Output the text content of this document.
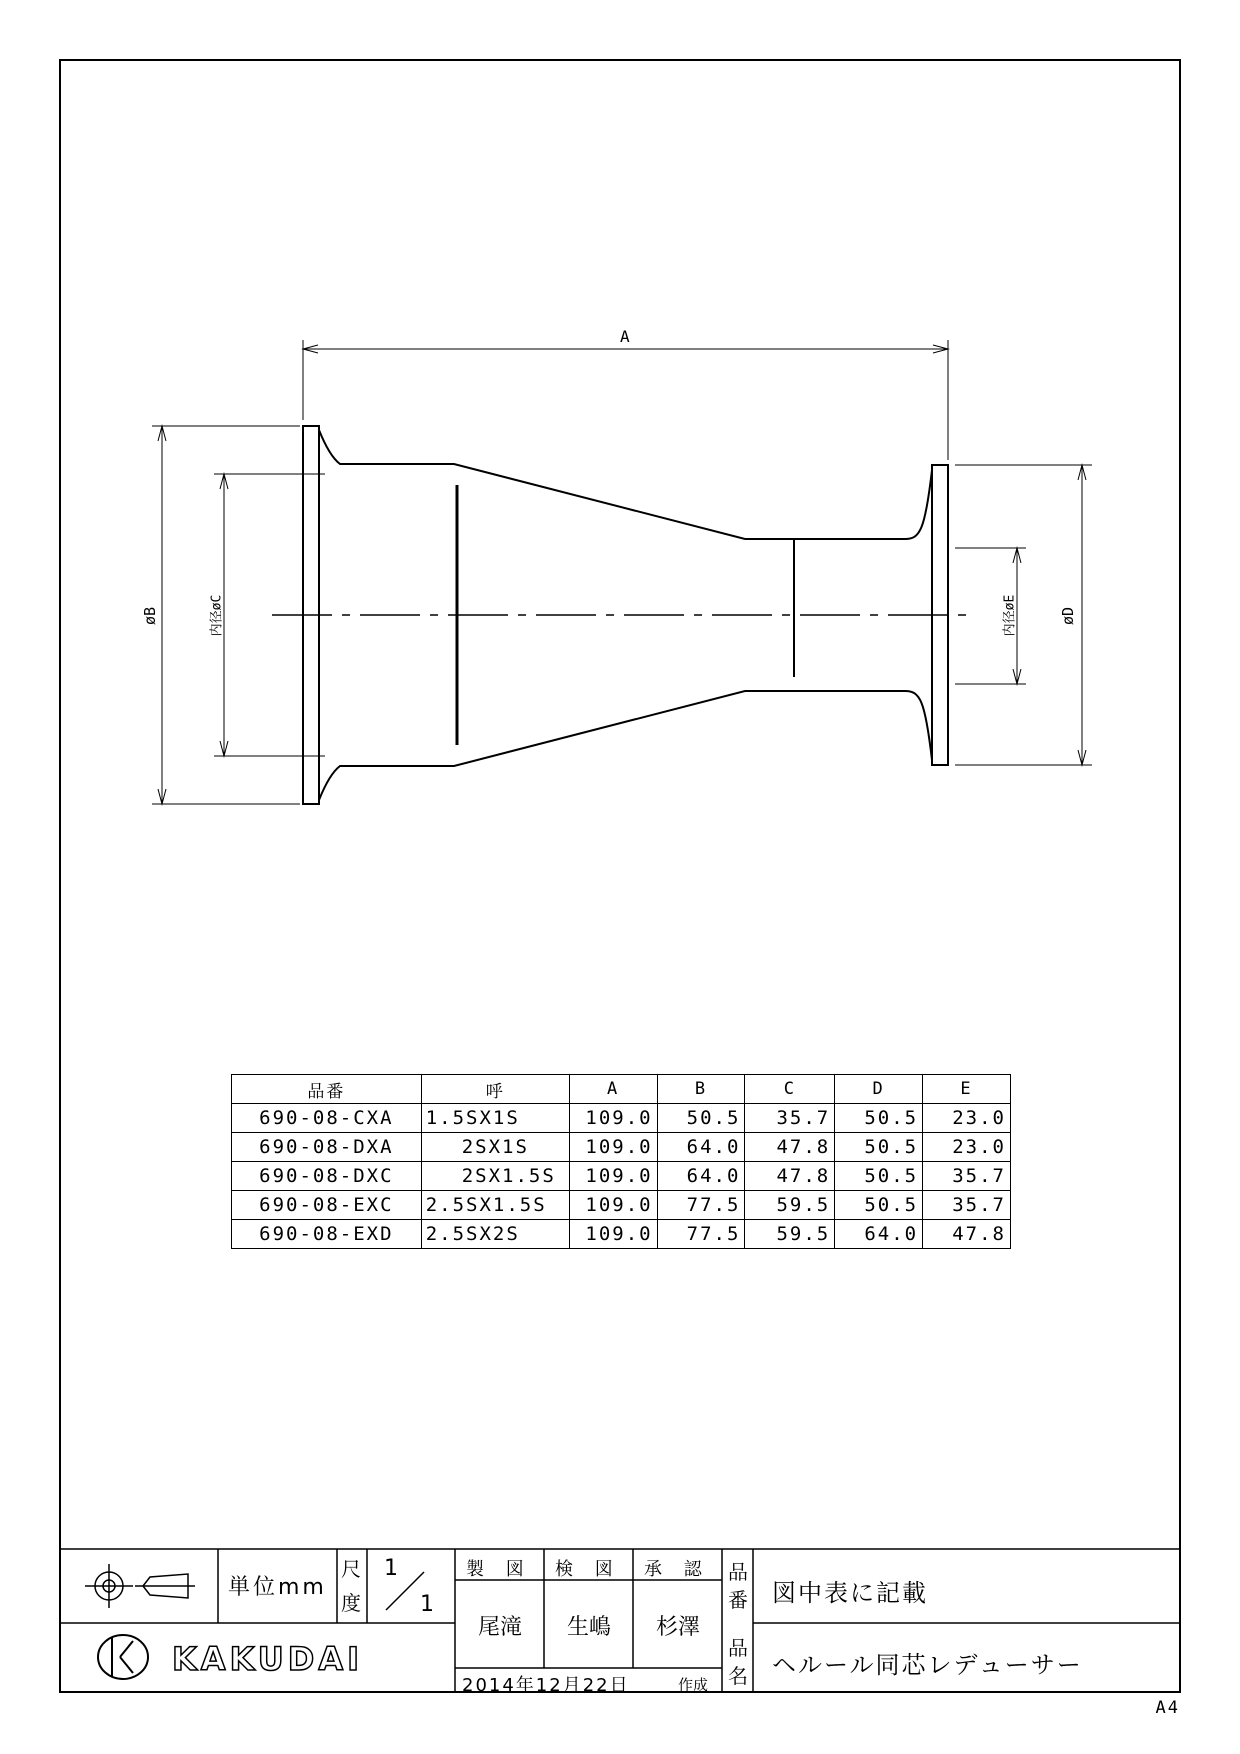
A
øB	内径øC	内径øE	øD
品番	呼	A	B	C	D	E
690-08-CXA	1.5SX1S	109.0	50.5	35.7	50.5	23.0
690-08-DXA	2SX1S	109.0	64.0	47.8	50.5	23.0
690-08-DXC	2SX1.5S	109.0	64.0	47.8	50.5	35.7
690-08-EXC	2.5SX1.5S	109.0	77.5	59.5	50.5	35.7
690-08-EXD	2.5SX2S	109.0	77.5	59.5	64.0	47.8
単位mm
尺
度
1
1
製 図 検 図 承 認
尾滝 生嶋 杉澤
品
番 図中表に記載
品
名 ヘルール同芯レデューサー
2014年12月22日	作成
KAKUDAI
A4
